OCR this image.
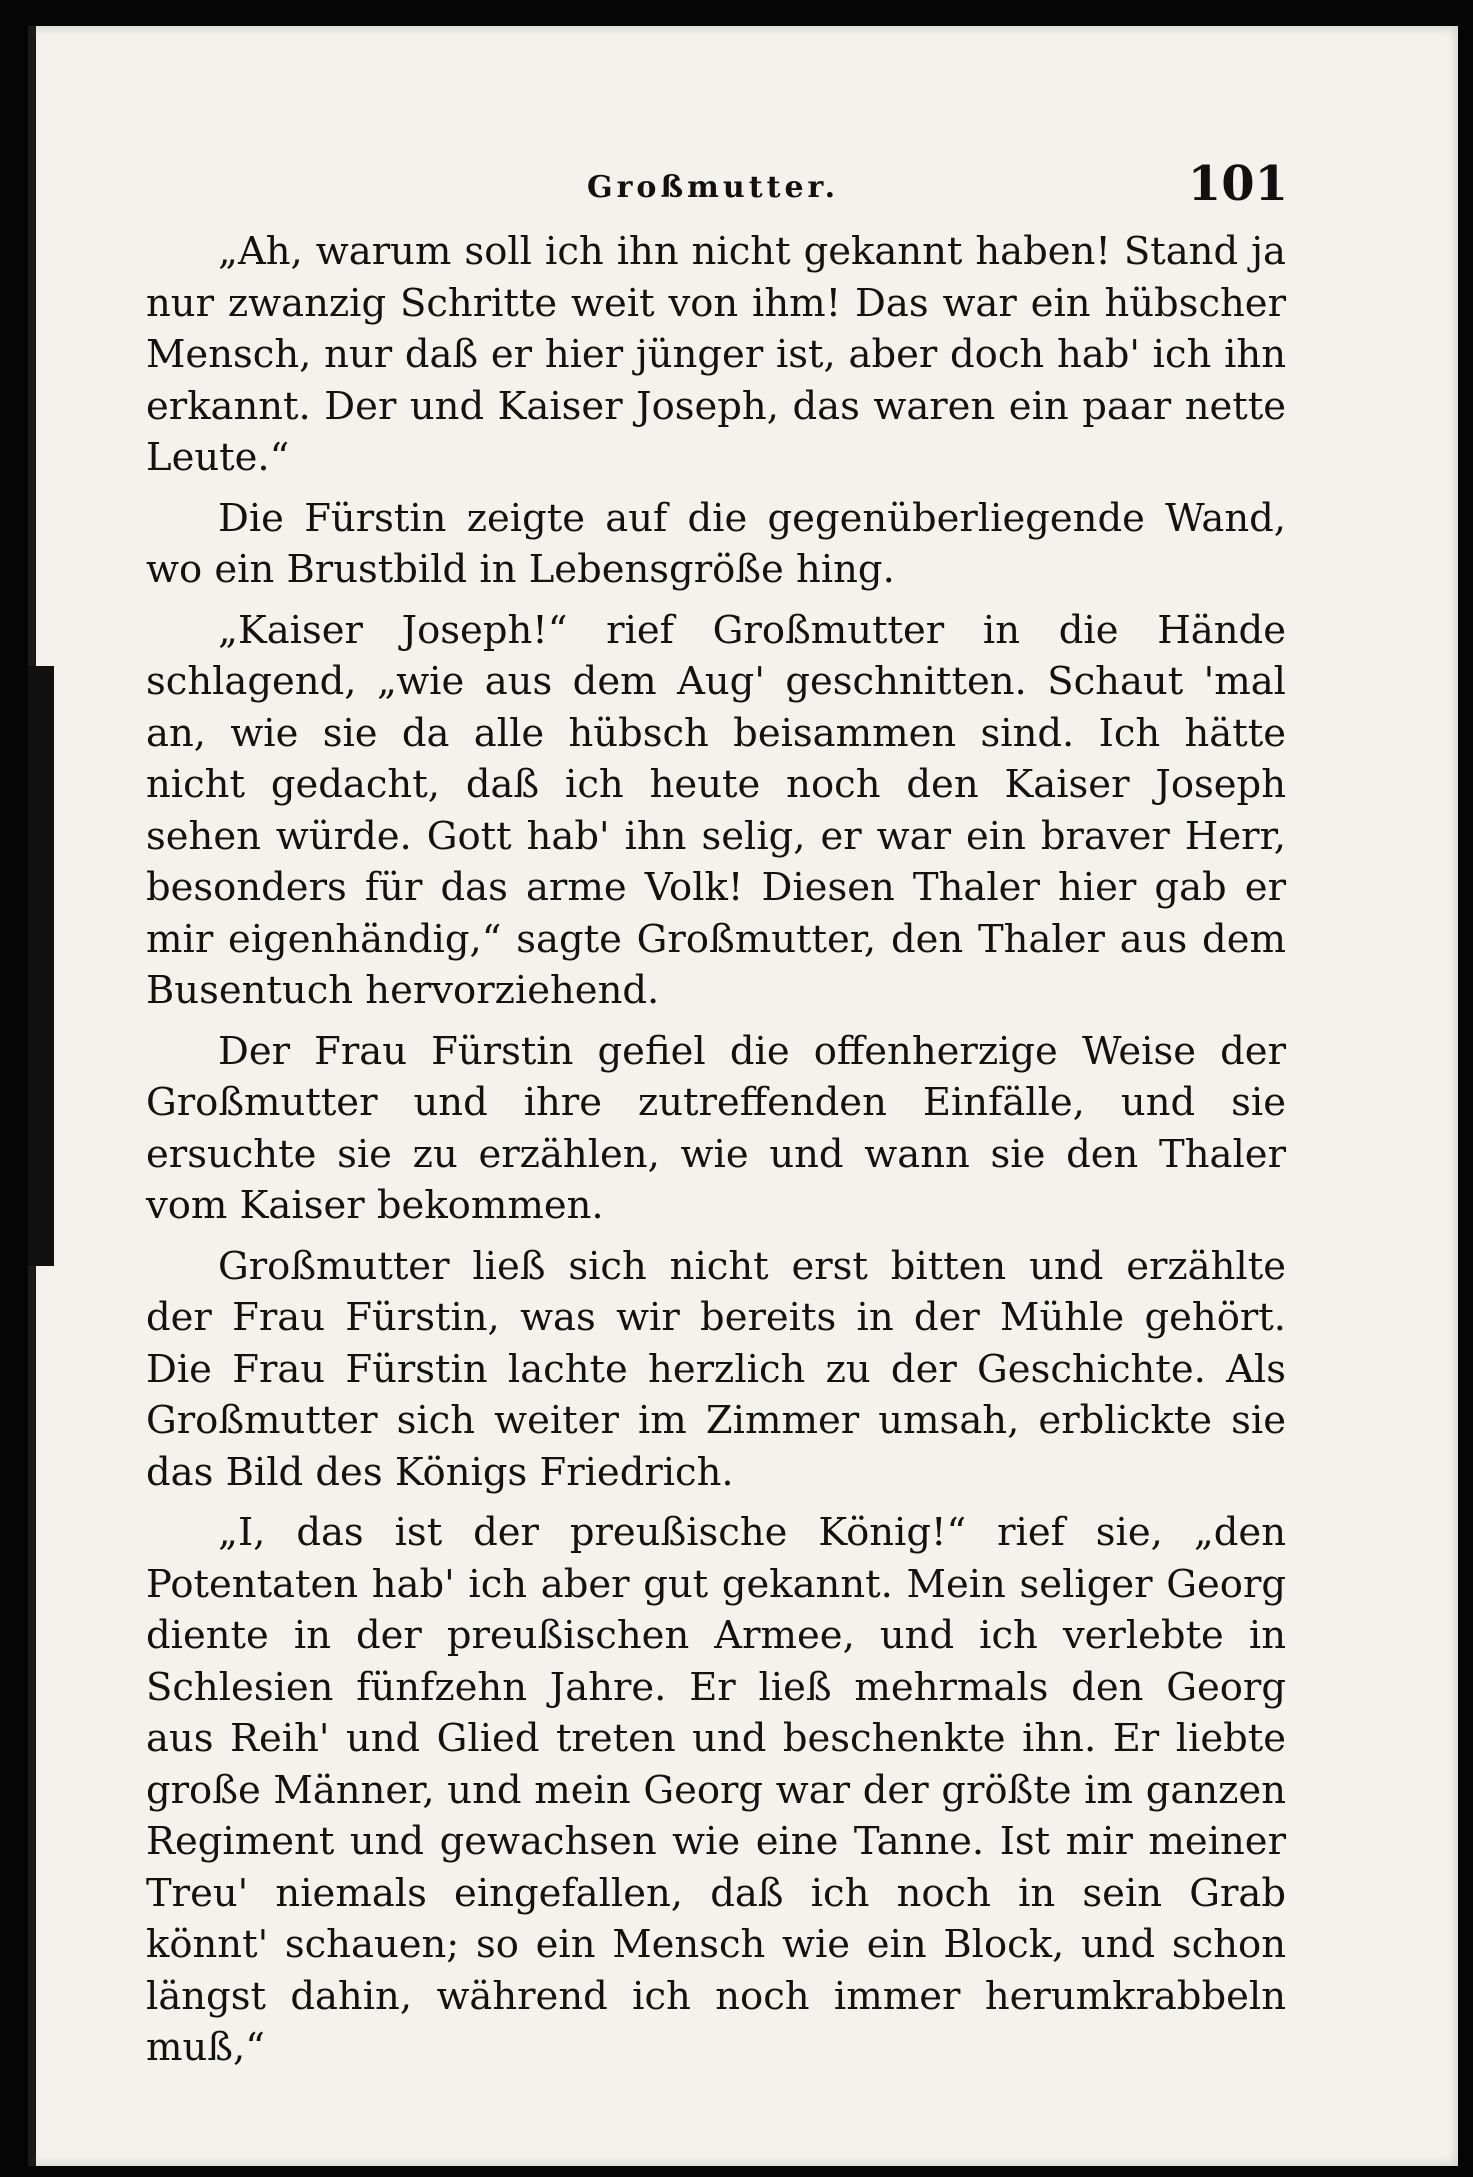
Großmutter.	101

„Ah, warum soll ich ihn nicht gekannt haben! Stand ja nur zwanzig Schritte weit von ihm! Das war ein hübscher Mensch, nur daß er hier jünger ist, aber doch hab' ich ihn erkannt. Der und Kaiser Joseph, das waren ein paar nette Leute.“

Die Fürstin zeigte auf die gegenüberliegende Wand, wo ein Brustbild in Lebensgröße hing.

„Kaiser Joseph!“ rief Großmutter in die Hände schlagend, „wie aus dem Aug' geschnitten. Schaut 'mal an, wie sie da alle hübsch beisammen sind. Ich hätte nicht gedacht, daß ich heute noch den Kaiser Joseph sehen würde. Gott hab' ihn selig, er war ein braver Herr, besonders für das arme Volk! Diesen Thaler hier gab er mir eigenhändig,“ sagte Großmutter, den Thaler aus dem Busentuch hervorziehend.

Der Frau Fürstin gefiel die offenherzige Weise der Großmutter und ihre zutreffenden Einfälle, und sie ersuchte sie zu erzählen, wie und wann sie den Thaler vom Kaiser bekommen.

Großmutter ließ sich nicht erst bitten und erzählte der Frau Fürstin, was wir bereits in der Mühle gehört. Die Frau Fürstin lachte herzlich zu der Geschichte. Als Großmutter sich weiter im Zimmer umsah, erblickte sie das Bild des Königs Friedrich.

„I, das ist der preußische König!“ rief sie, „den Potentaten hab' ich aber gut gekannt. Mein seliger Georg diente in der preußischen Armee, und ich verlebte in Schlesien fünfzehn Jahre. Er ließ mehrmals den Georg aus Reih' und Glied treten und beschenkte ihn. Er liebte große Männer, und mein Georg war der größte im ganzen Regiment und gewachsen wie eine Tanne. Ist mir meiner Treu' niemals eingefallen, daß ich noch in sein Grab könnt' schauen; so ein Mensch wie ein Block, und schon längst dahin, während ich noch immer herumkrabbeln muß,“
